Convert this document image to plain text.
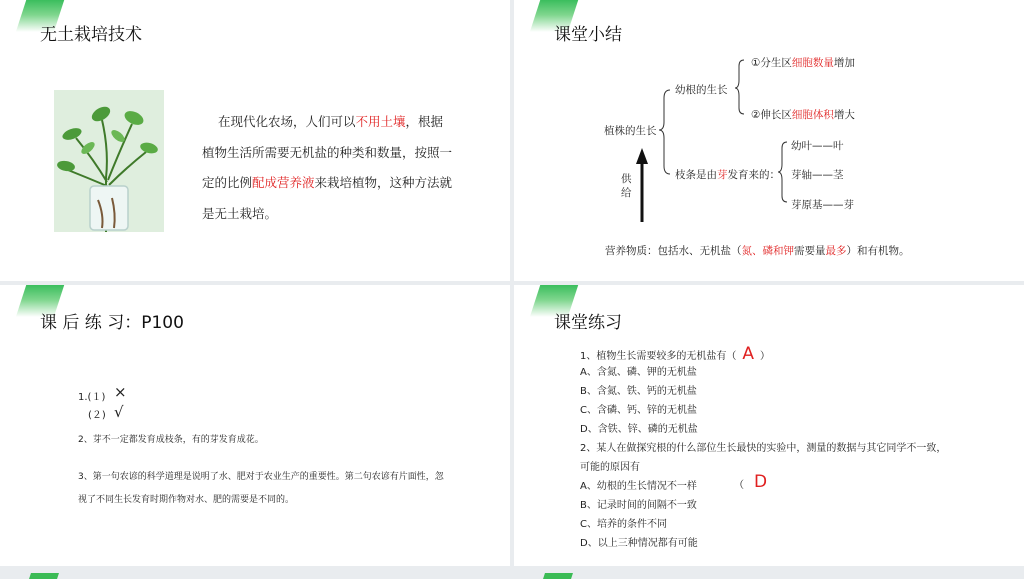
无土栽培技术
在现代化农场，人们可以不用土壤，根据
植物生活所需要无机盐的种类和数量，按照一
定的比例配成营养液来栽培植物，这种方法就
是无土栽培。
课堂小结
植株的生长
幼根的生长
①分生区细胞数量增加
②伸长区细胞体积增大
枝条是由芽发育来的：
幼叶——叶
芽轴——茎
芽原基——芽
供
给
营养物质：包括水、无机盐（氮、磷和钾需要量最多）和有机物。
课 后 练 习：P100
1.(１) ×
(２) √
2、芽不一定都发育成枝条，有的芽发育成花。
3、第一句农谚的科学道理是说明了水、肥对于农业生产的重要性。第二句农谚有片面性，忽
视了不同生长发育时期作物对水、肥的需要是不同的。
课堂练习
1、植物生长需要较多的无机盐有（ A ）
A、含氮、磷、钾的无机盐
B、含氮、铁、钙的无机盐
C、含磷、钙、锌的无机盐
D、含铁、锌、磷的无机盐
2、某人在做探究根的什么部位生长最快的实验中，测量的数据与其它同学不一致，
可能的原因有
A、幼根的生长情况不一样	（ D
B、记录时间的间隔不一致
C、培养的条件不同
D、以上三种情况都有可能
